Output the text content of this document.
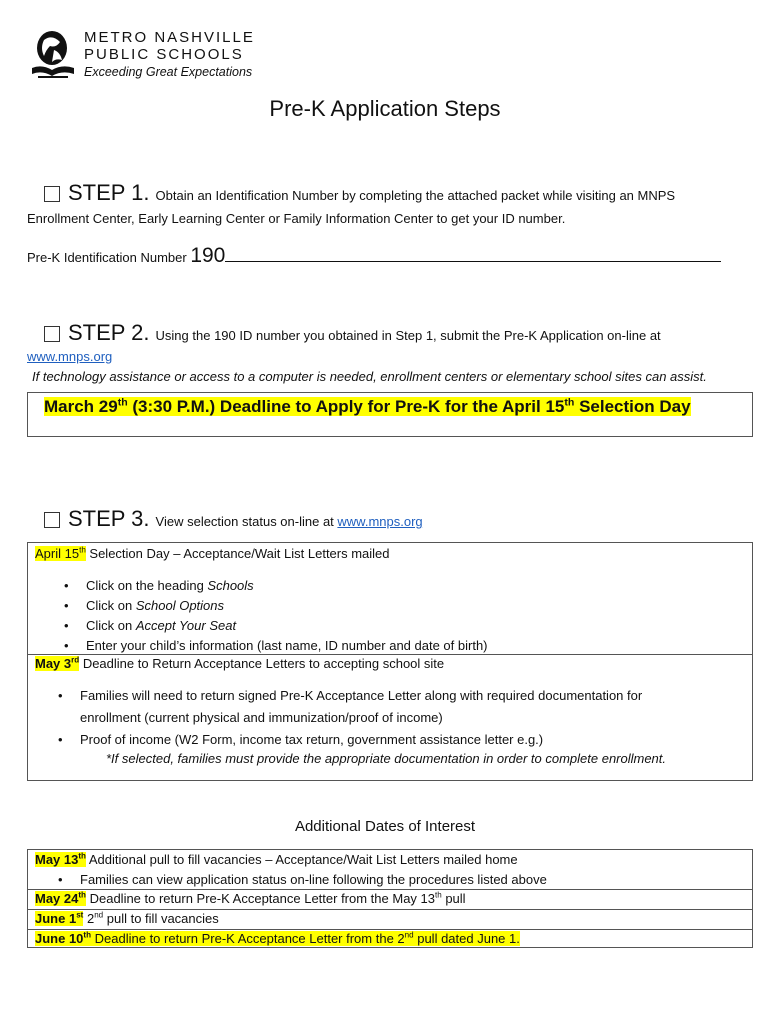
METRO NASHVILLE
PUBLIC SCHOOLS
Exceeding Great Expectations
Pre-K Application Steps
STEP 1. Obtain an Identification Number by completing the attached packet while visiting an MNPS
Enrollment Center, Early Learning Center or Family Information Center to get your ID number.
Pre-K Identification Number 190
STEP 2. Using the 190 ID number you obtained in Step 1, submit the Pre-K Application on-line at
www.mnps.org
If technology assistance or access to a computer is needed, enrollment centers or elementary school sites can assist.
March 29th (3:30 P.M.) Deadline to Apply for Pre-K for the April 15th Selection Day
STEP 3. View selection status on-line at www.mnps.org
April 15th Selection Day – Acceptance/Wait List Letters mailed
• Click on the heading Schools
• Click on School Options
• Click on Accept Your Seat
• Enter your child’s information (last name, ID number and date of birth)
May 3rd Deadline to Return Acceptance Letters to accepting school site
• Families will need to return signed Pre-K Acceptance Letter along with required documentation for
enrollment (current physical and immunization/proof of income)
• Proof of income (W2 Form, income tax return, government assistance letter e.g.)
*If selected, families must provide the appropriate documentation in order to complete enrollment.
Additional Dates of Interest
May 13th Additional pull to fill vacancies – Acceptance/Wait List Letters mailed home
• Families can view application status on-line following the procedures listed above
May 24th Deadline to return Pre-K Acceptance Letter from the May 13th pull
June 1st 2nd pull to fill vacancies
June 10th Deadline to return Pre-K Acceptance Letter from the 2nd pull dated June 1.
